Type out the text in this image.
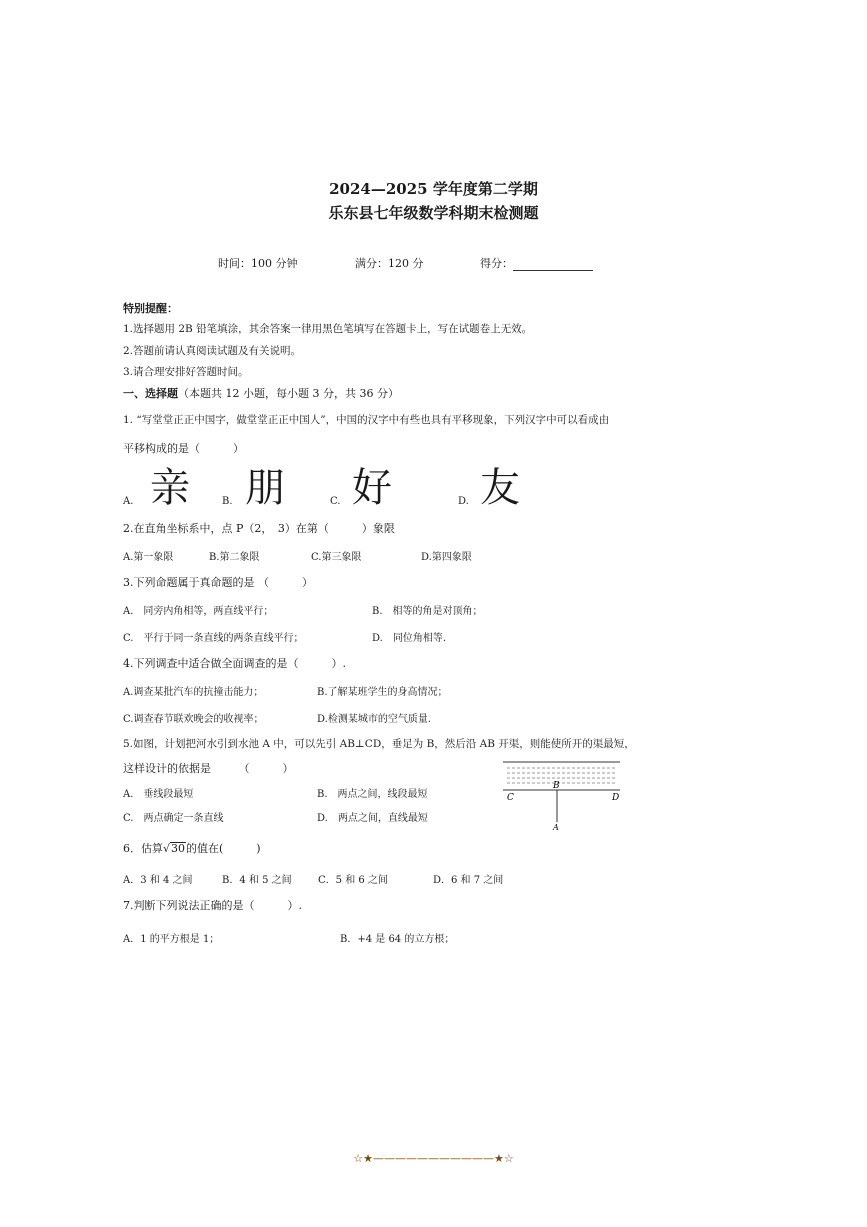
2024—2025 学年度第二学期
乐东县七年级数学科期末检测题
时间：100 分钟	满分：120 分	得分：
特别提醒：
1.选择题用 2B 铅笔填涂，其余答案一律用黑色笔填写在答题卡上，写在试题卷上无效。
2.答题前请认真阅读试题及有关说明。
3.请合理安排好答题时间。
一、选择题（本题共 12 小题，每小题 3 分，共 36 分）
1. “写堂堂正正中国字，做堂堂正正中国人”，中国的汉字中有些也具有平移现象，下列汉字中可以看成由
平移构成的是（　　　）
A. 亲	B. 朋	C. 好	D. 友
2.在直角坐标系中，点 P（2，　3）在第（　　　）象限
A.第一象限	B.第二象限	C.第三象限	D.第四象限
3.下列命题属于真命题的是 （　　　）
A.　同旁内角相等，两直线平行；	B.　相等的角是对顶角；
C.　平行于同一条直线的两条直线平行；	D.　同位角相等.
4.下列调查中适合做全面调查的是（　　　）.
A.调查某批汽车的抗撞击能力；	B.了解某班学生的身高情况；
C.调查春节联欢晚会的收视率；	D.检测某城市的空气质量.
5.如图，计划把河水引到水池 A 中，可以先引 AB⊥CD，垂足为 B，然后沿 AB 开渠，则能使所开的渠最短，
这样设计的依据是　　　（　　　）
A.　垂线段最短	B.　两点之间，线段最短
C.　两点确定一条直线	D.　两点之间，直线最短
B
C	D
A
6．估算√30的值在(　　　)
A．3 和 4 之间	B．4 和 5 之间	C．5 和 6 之间	D．6 和 7 之间
7.判断下列说法正确的是（　　　）.
A．1 的平方根是 1；	B．+4 是 64 的立方根；
☆★———————————★☆
